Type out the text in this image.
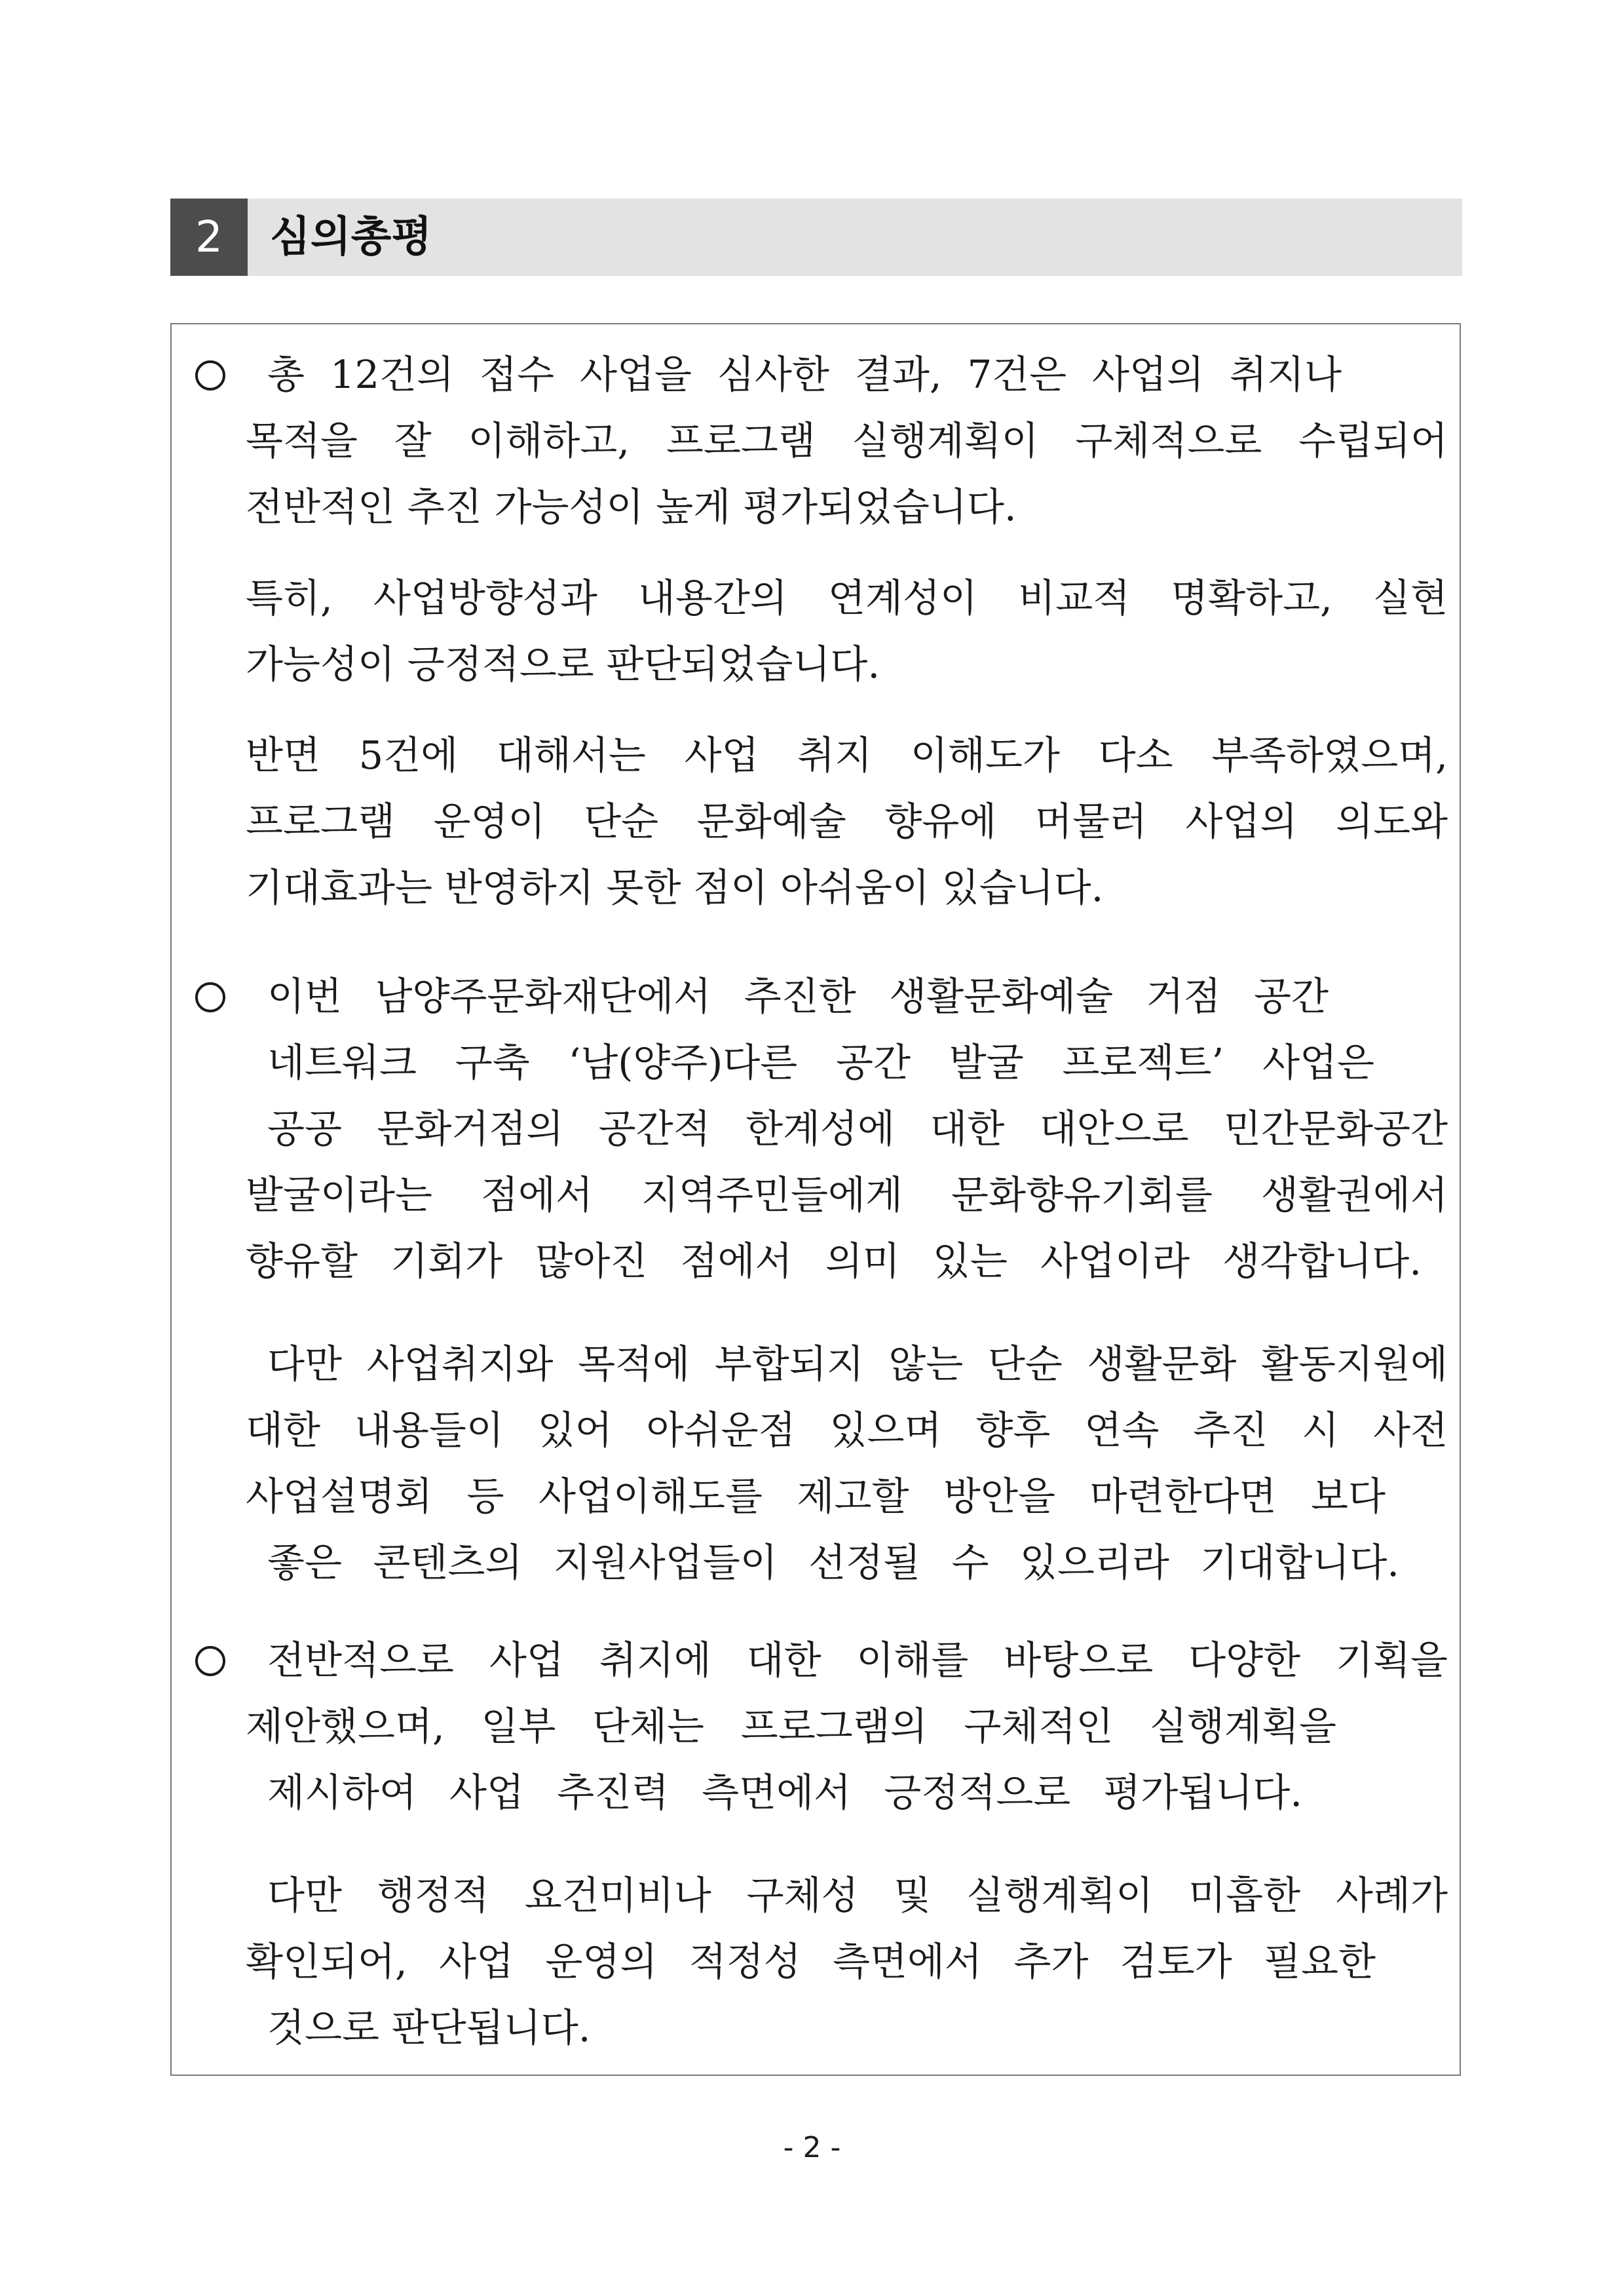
2	심의총평
총 12건의 접수 사업을 심사한 결과, 7건은 사업의 취지나
목적을 잘 이해하고, 프로그램 실행계획이 구체적으로 수립되어
전반적인 추진 가능성이 높게 평가되었습니다.
특히, 사업방향성과 내용간의 연계성이 비교적 명확하고, 실현
가능성이 긍정적으로 판단되었습니다.
반면 5건에 대해서는 사업 취지 이해도가 다소 부족하였으며,
프로그램 운영이 단순 문화예술 향유에 머물러 사업의 의도와
기대효과는 반영하지 못한 점이 아쉬움이 있습니다.
이번 남양주문화재단에서 추진한 생활문화예술 거점 공간
네트워크 구축 ‘남(양주)다른 공간 발굴 프로젝트’ 사업은
공공 문화거점의 공간적 한계성에 대한 대안으로 민간문화공간
발굴이라는 점에서 지역주민들에게 문화향유기회를 생활권에서
향유할 기회가 많아진 점에서 의미 있는 사업이라 생각합니다.
다만 사업취지와 목적에 부합되지 않는 단순 생활문화 활동지원에
대한 내용들이 있어 아쉬운점 있으며 향후 연속 추진 시 사전
사업설명회 등 사업이해도를 제고할 방안을 마련한다면 보다
좋은 콘텐츠의 지원사업들이 선정될 수 있으리라 기대합니다.
전반적으로 사업 취지에 대한 이해를 바탕으로 다양한 기획을
제안했으며, 일부 단체는 프로그램의 구체적인 실행계획을
제시하여 사업 추진력 측면에서 긍정적으로 평가됩니다.
다만 행정적 요건미비나 구체성 및 실행계획이 미흡한 사례가
확인되어, 사업 운영의 적정성 측면에서 추가 검토가 필요한
것으로 판단됩니다.
- 2 -
